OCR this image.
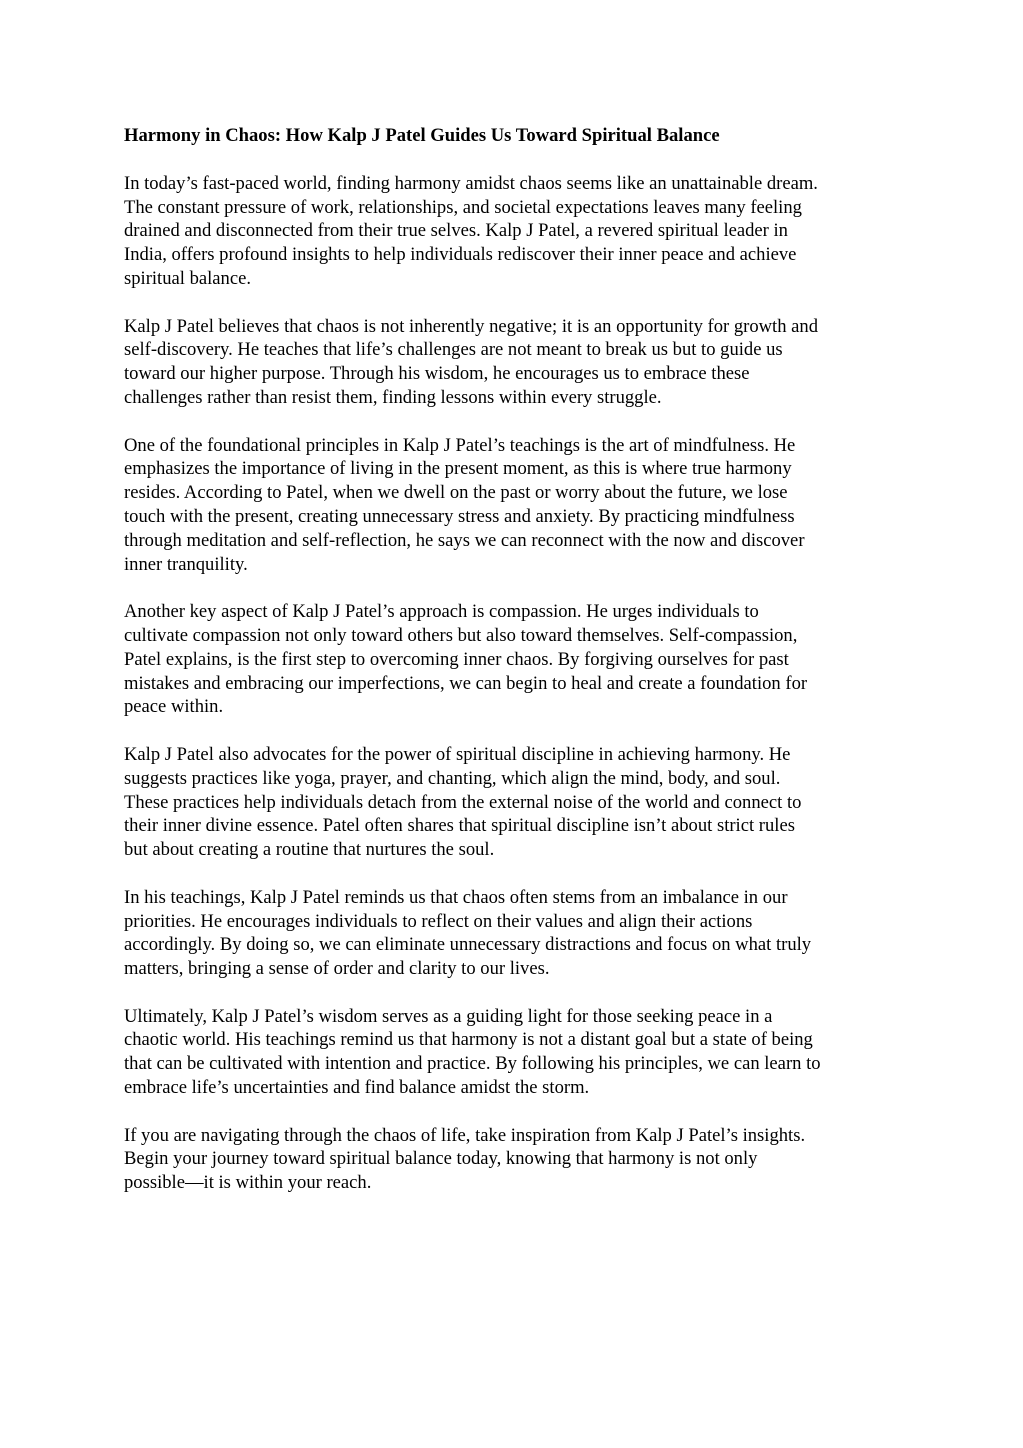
Harmony in Chaos: How Kalp J Patel Guides Us Toward Spiritual Balance
In today’s fast-paced world, finding harmony amidst chaos seems like an unattainable dream.
The constant pressure of work, relationships, and societal expectations leaves many feeling
drained and disconnected from their true selves. Kalp J Patel, a revered spiritual leader in
India, offers profound insights to help individuals rediscover their inner peace and achieve
spiritual balance.
Kalp J Patel believes that chaos is not inherently negative; it is an opportunity for growth and
self-discovery. He teaches that life’s challenges are not meant to break us but to guide us
toward our higher purpose. Through his wisdom, he encourages us to embrace these
challenges rather than resist them, finding lessons within every struggle.
One of the foundational principles in Kalp J Patel’s teachings is the art of mindfulness. He
emphasizes the importance of living in the present moment, as this is where true harmony
resides. According to Patel, when we dwell on the past or worry about the future, we lose
touch with the present, creating unnecessary stress and anxiety. By practicing mindfulness
through meditation and self-reflection, he says we can reconnect with the now and discover
inner tranquility.
Another key aspect of Kalp J Patel’s approach is compassion. He urges individuals to
cultivate compassion not only toward others but also toward themselves. Self-compassion,
Patel explains, is the first step to overcoming inner chaos. By forgiving ourselves for past
mistakes and embracing our imperfections, we can begin to heal and create a foundation for
peace within.
Kalp J Patel also advocates for the power of spiritual discipline in achieving harmony. He
suggests practices like yoga, prayer, and chanting, which align the mind, body, and soul.
These practices help individuals detach from the external noise of the world and connect to
their inner divine essence. Patel often shares that spiritual discipline isn’t about strict rules
but about creating a routine that nurtures the soul.
In his teachings, Kalp J Patel reminds us that chaos often stems from an imbalance in our
priorities. He encourages individuals to reflect on their values and align their actions
accordingly. By doing so, we can eliminate unnecessary distractions and focus on what truly
matters, bringing a sense of order and clarity to our lives.
Ultimately, Kalp J Patel’s wisdom serves as a guiding light for those seeking peace in a
chaotic world. His teachings remind us that harmony is not a distant goal but a state of being
that can be cultivated with intention and practice. By following his principles, we can learn to
embrace life’s uncertainties and find balance amidst the storm.
If you are navigating through the chaos of life, take inspiration from Kalp J Patel’s insights.
Begin your journey toward spiritual balance today, knowing that harmony is not only
possible—it is within your reach.
